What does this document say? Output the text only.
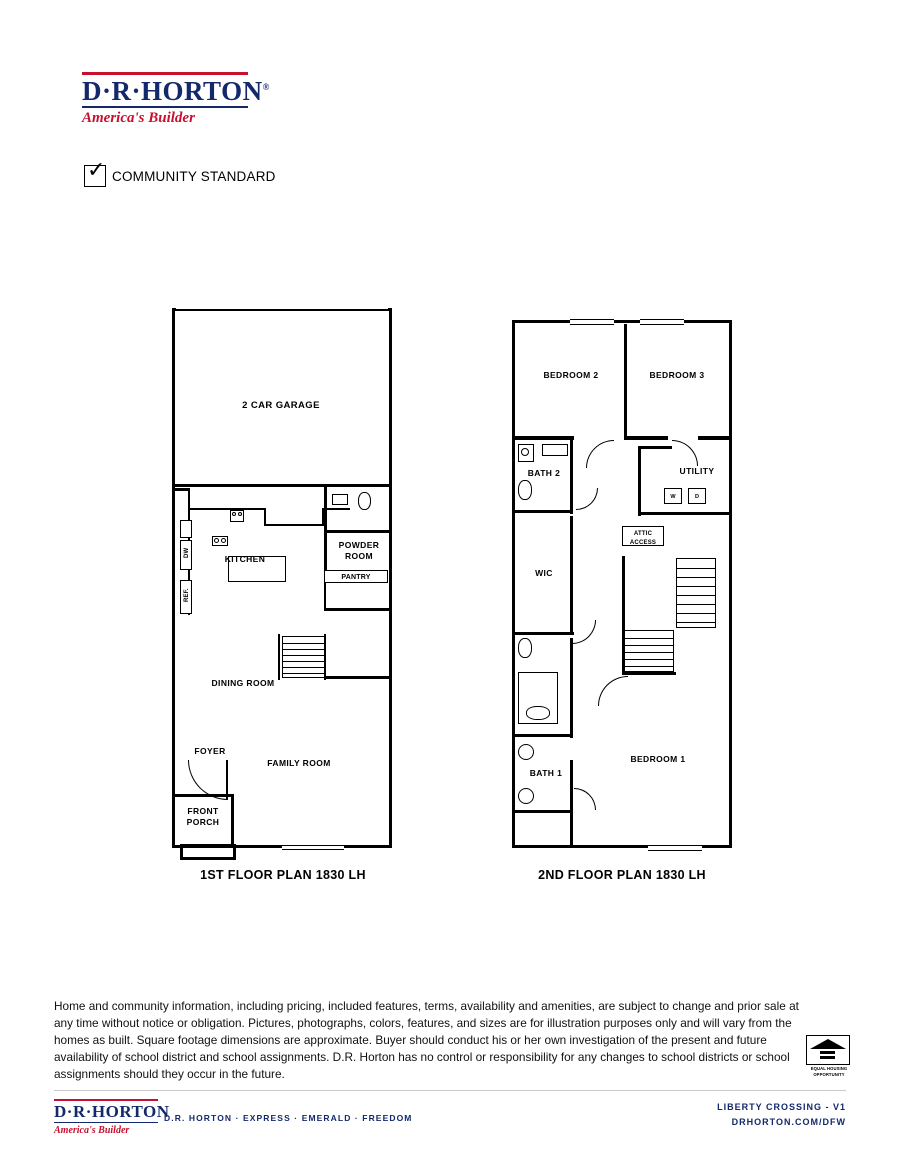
D·R·HORTON®
America's Builder
✓ COMMUNITY STANDARD
2 CAR GARAGE
REF.
DW
KITCHEN
POWDER
ROOM
PANTRY
DINING ROOM
FAMILY ROOM
FOYER
FRONT
PORCH
1ST FLOOR PLAN 1830 LH
BEDROOM 2	BEDROOM 3
BATH 2	UTILITY
W	D
WIC
ATTIC
ACCESS
BATH 1
BEDROOM 1
2ND FLOOR PLAN 1830 LH
Home and community information, including pricing, included features, terms, availability and amenities, are subject to change and prior sale at any time without notice or obligation. Pictures, photographs, colors, features, and sizes are for illustration purposes only and will vary from the homes as built. Square footage dimensions are approximate. Buyer should conduct his or her own investigation of the present and future availability of school district and school assignments. D.R. Horton has no control or responsibility for any changes to school districts or school assignments should they occur in the future.	EQUAL HOUSING
OPPORTUNITY
D·R·HORTON
America's Builder
D.R. HORTON · EXPRESS · EMERALD · FREEDOM
LIBERTY CROSSING - V1
DRHORTON.COM/DFW
